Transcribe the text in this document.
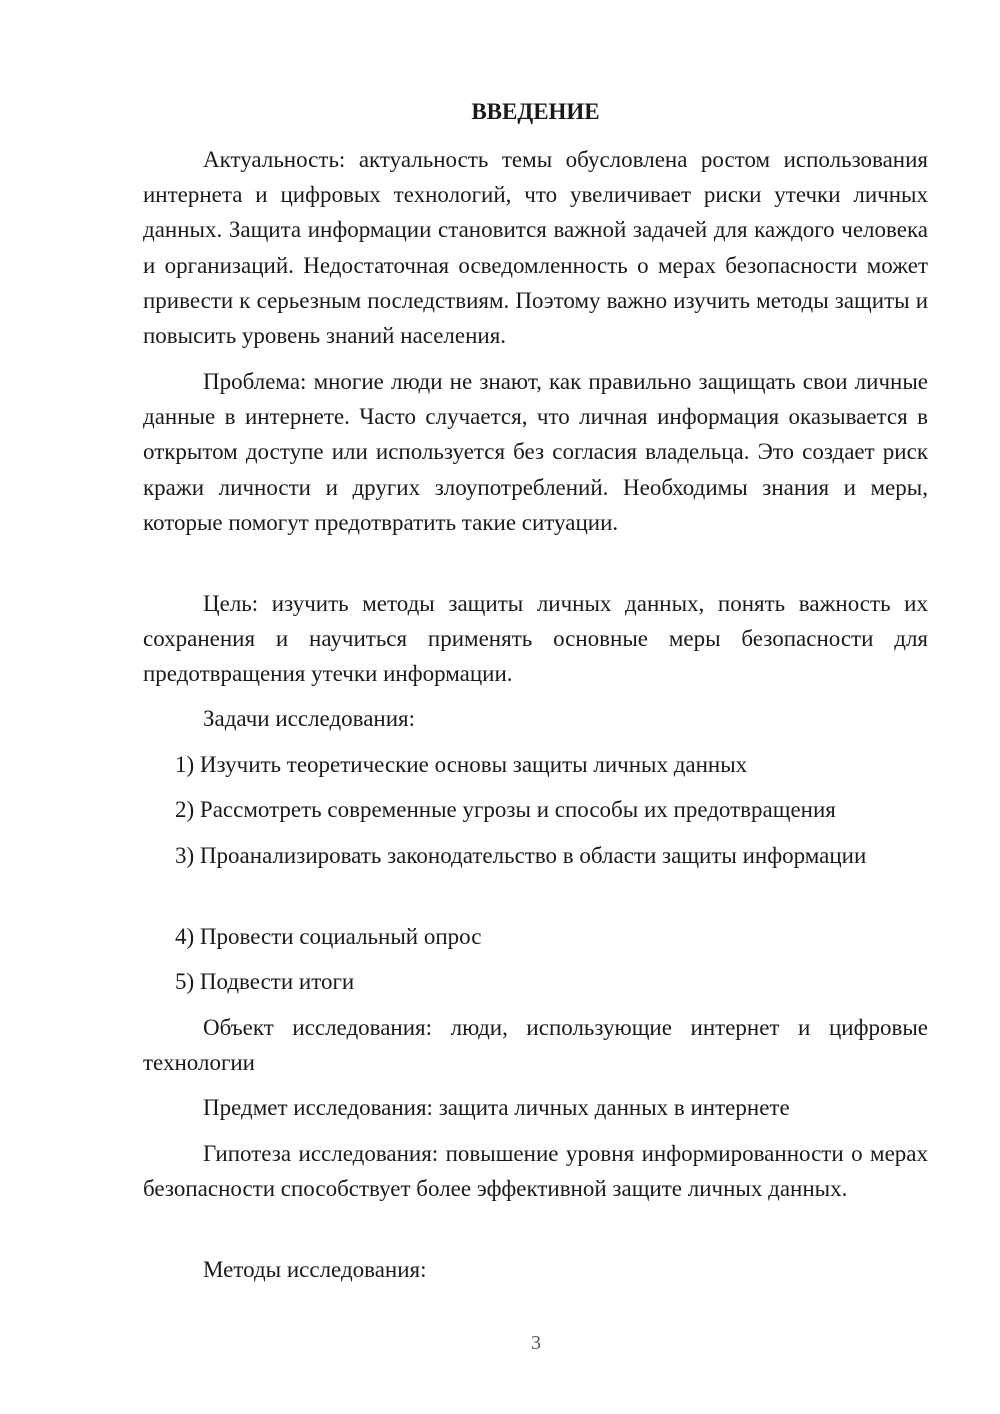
ВВЕДЕНИЕ

Актуальность: актуальность темы обусловлена ростом использования интернета и цифровых технологий, что увеличивает риски утечки личных данных. Защита информации становится важной задачей для каждого человека и организаций. Недостаточная осведомленность о мерах безопасности может привести к серьезным последствиям. Поэтому важно изучить методы защиты и повысить уровень знаний населения.

Проблема: многие люди не знают, как правильно защищать свои личные данные в интернете. Часто случается, что личная информация оказывается в открытом доступе или используется без согласия владельца. Это создает риск кражи личности и других злоупотреблений. Необходимы знания и меры, которые помогут предотвратить такие ситуации.

Цель: изучить методы защиты личных данных, понять важность их сохранения и научиться применять основные меры безопасности для предотвращения утечки информации.

Задачи исследования:

1) Изучить теоретические основы защиты личных данных

2) Рассмотреть современные угрозы и способы их предотвращения

3) Проанализировать законодательство в области защиты информации

4) Провести социальный опрос

5) Подвести итоги

Объект исследования: люди, использующие интернет и цифровые технологии

Предмет исследования: защита личных данных в интернете

Гипотеза исследования: повышение уровня информированности о мерах безопасности способствует более эффективной защите личных данных.

Методы исследования:

3
